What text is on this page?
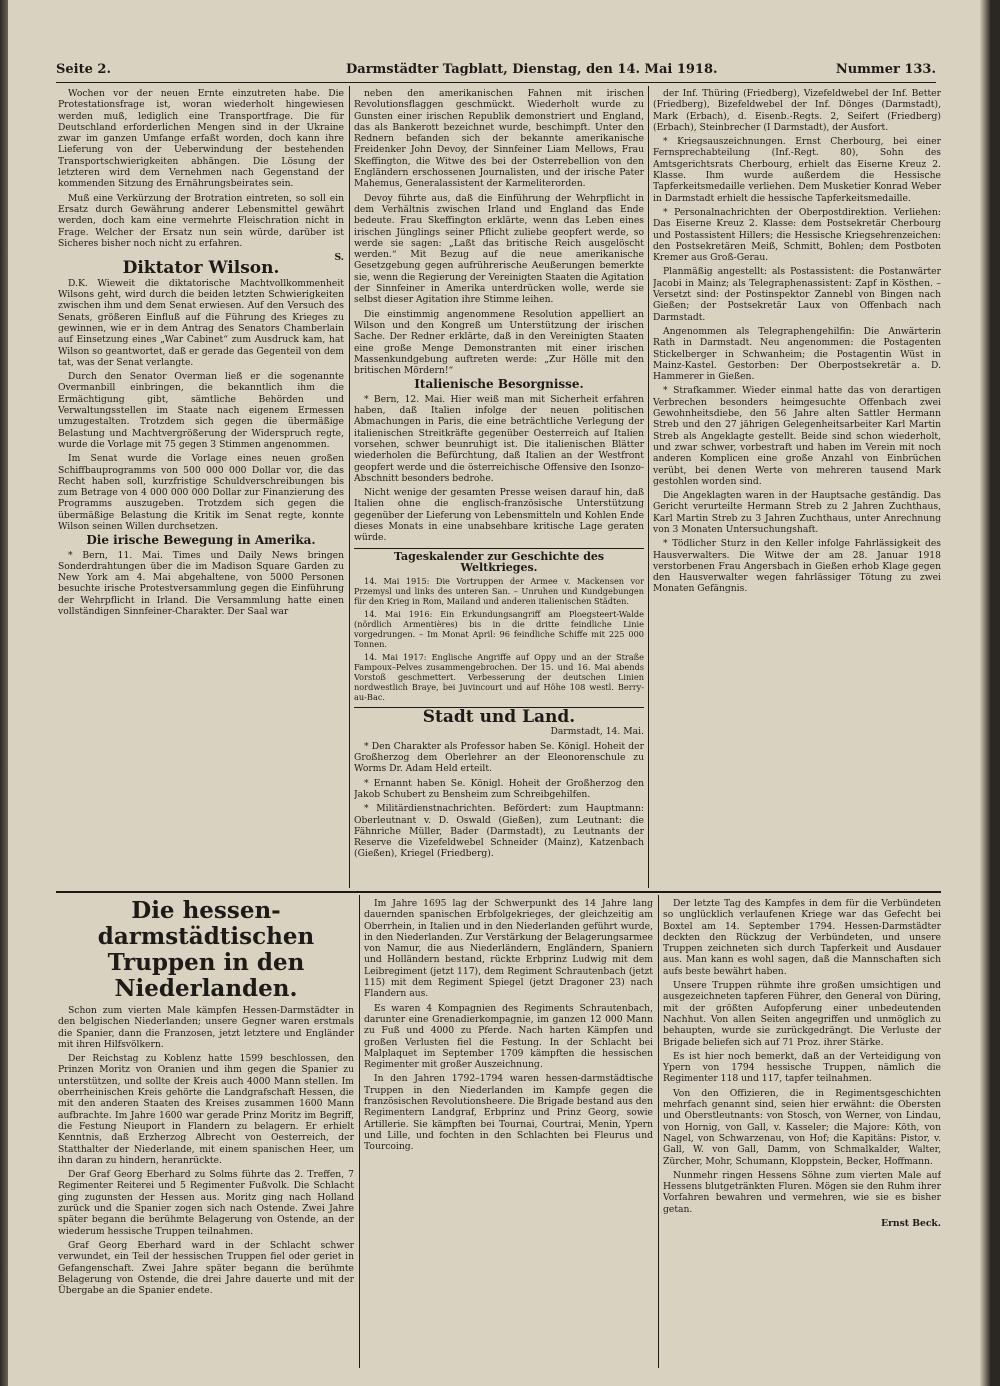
Seite 2.	Darmstädter Tagblatt, Dienstag, den 14. Mai 1918.	Nummer 133.

Wochen vor der neuen Ernte einzutreten habe. Die Protestationsfrage ist, woran wiederholt hingewiesen werden muß, lediglich eine Transportfrage. Die für Deutschland erforderlichen Mengen sind in der Ukraine zwar im ganzen Umfange erfaßt worden, doch kann ihre Lieferung von der Ueberwindung der bestehenden Transportschwierigkeiten abhängen. Die Lösung der letzteren wird dem Vernehmen nach Gegenstand der kommenden Sitzung des Ernährungsbeirates sein.

Muß eine Verkürzung der Brotration eintreten, so soll ein Ersatz durch Gewährung anderer Lebensmittel gewährt werden, doch kam eine vermehrte Fleischration nicht in Frage. Welcher der Ersatz nun sein würde, darüber ist Sicheres bisher noch nicht zu erfahren.

S.

Diktator Wilson.

D.K. Wieweit die diktatorische Machtvollkommenheit Wilsons geht, wird durch die beiden letzten Schwierigkeiten zwischen ihm und dem Senat erwiesen. Auf den Versuch des Senats, größeren Einfluß auf die Führung des Krieges zu gewinnen, wie er in dem Antrag des Senators Chamberlain auf Einsetzung eines „War Cabinet“ zum Ausdruck kam, hat Wilson so geantwortet, daß er gerade das Gegenteil von dem tat, was der Senat verlangte.

Durch den Senator Overman ließ er die sogenannte Overmanbill einbringen, die bekanntlich ihm die Ermächtigung gibt, sämtliche Behörden und Verwaltungsstellen im Staate nach eigenem Ermessen umzugestalten. Trotzdem sich gegen die übermäßige Belastung und Machtvergrößerung der Widerspruch regte, wurde die Vorlage mit 75 gegen 3 Stimmen angenommen.

Im Senat wurde die Vorlage eines neuen großen Schiffbauprogramms von 500 000 000 Dollar vor, die das Recht haben soll, kurzfristige Schuldverschreibungen bis zum Betrage von 4 000 000 000 Dollar zur Finanzierung des Programms auszugeben. Trotzdem sich gegen die übermäßige Belastung die Kritik im Senat regte, konnte Wilson seinen Willen durchsetzen.

Die irische Bewegung in Amerika.

* Bern, 11. Mai. Times und Daily News bringen Sonderdrahtungen über die im Madison Square Garden zu New York am 4. Mai abgehaltene, von 5000 Personen besuchte irische Protestversammlung gegen die Einführung der Wehrpflicht in Irland. Die Versammlung hatte einen vollständigen Sinnfeiner-Charakter. Der Saal war

neben den amerikanischen Fahnen mit irischen Revolutionsflaggen geschmückt. Wiederholt wurde zu Gunsten einer irischen Republik demonstriert und England, das als Bankerott bezeichnet wurde, beschimpft. Unter den Rednern befanden sich der bekannte amerikanische Freidenker John Devoy, der Sinnfeiner Liam Mellows, Frau Skeffington, die Witwe des bei der Osterrebellion von den Engländern erschossenen Journalisten, und der irische Pater Mahemus, Generalassistent der Karmeliterorden.

Devoy führte aus, daß die Einführung der Wehrpflicht in dem Verhältnis zwischen Irland und England das Ende bedeute. Frau Skeffington erklärte, wenn das Leben eines irischen Jünglings seiner Pflicht zuliebe geopfert werde, so werde sie sagen: „Laßt das britische Reich ausgelöscht werden.“ Mit Bezug auf die neue amerikanische Gesetzgebung gegen aufrührerische Aeußerungen bemerkte sie, wenn die Regierung der Vereinigten Staaten die Agitation der Sinnfeiner in Amerika unterdrücken wolle, werde sie selbst dieser Agitation ihre Stimme leihen.

Die einstimmig angenommene Resolution appelliert an Wilson und den Kongreß um Unterstützung der irischen Sache. Der Redner erklärte, daß in den Vereinigten Staaten eine große Menge Demonstranten mit einer irischen Massenkundgebung auftreten werde: „Zur Hölle mit den britischen Mördern!“

Italienische Besorgnisse.

* Bern, 12. Mai. Hier weiß man mit Sicherheit erfahren haben, daß Italien infolge der neuen politischen Abmachungen in Paris, die eine beträchtliche Verlegung der italienischen Streitkräfte gegenüber Oesterreich auf Italien vorsehen, schwer beunruhigt ist. Die italienischen Blätter wiederholen die Befürchtung, daß Italien an der Westfront geopfert werde und die österreichische Offensive den Isonzo-Abschnitt besonders bedrohe.

Nicht wenige der gesamten Presse weisen darauf hin, daß Italien ohne die englisch-französische Unterstützung gegenüber der Lieferung von Lebensmitteln und Kohlen Ende dieses Monats in eine unabsehbare kritische Lage geraten würde.

Tageskalender zur Geschichte des Weltkrieges.

14. Mai 1915: Die Vortruppen der Armee v. Mackensen vor Przemysl und links des unteren San. – Unruhen und Kundgebungen für den Krieg in Rom, Mailand und anderen italienischen Städten.

14. Mai 1916: Ein Erkundungsangriff am Ploegsteert-Walde (nördlich Armentières) bis in die dritte feindliche Linie vorgedrungen. – Im Monat April: 96 feindliche Schiffe mit 225 000 Tonnen.

14. Mai 1917: Englische Angriffe auf Oppy und an der Straße Fampoux–Pelves zusammengebrochen. Der 15. und 16. Mai abends Vorstoß geschmettert. Verbesserung der deutschen Linien nordwestlich Braye, bei Juvincourt und auf Höhe 108 westl. Berry-au-Bac.

Stadt und Land.

Darmstadt, 14. Mai.

* Den Charakter als Professor haben Se. Königl. Hoheit der Großherzog dem Oberlehrer an der Eleonorenschule zu Worms Dr. Adam Held erteilt.

* Ernannt haben Se. Königl. Hoheit der Großherzog den Jakob Schubert zu Bensheim zum Schreibgehilfen.

* Militärdienstnachrichten. Befördert: zum Hauptmann: Oberleutnant v. D. Oswald (Gießen), zum Leutnant: die Fähnriche Müller, Bader (Darmstadt), zu Leutnants der Reserve die Vizefeldwebel Schneider (Mainz), Katzenbach (Gießen), Kriegel (Friedberg).

der Inf. Thüring (Friedberg), Vizefeldwebel der Inf. Better (Friedberg), Bizefeldwebel der Inf. Dönges (Darmstadt), Mark (Erbach), d. Eisenb.-Regts. 2, Seifert (Friedberg) (Erbach), Steinbrecher (I Darmstadt), der Ausfort.

* Kriegsauszeichnungen. Ernst Cherbourg, bei einer Fernsprechabteilung (Inf.-Regt. 80), Sohn des Amtsgerichtsrats Cherbourg, erhielt das Eiserne Kreuz 2. Klasse. Ihm wurde außerdem die Hessische Tapferkeitsmedaille verliehen. Dem Musketier Konrad Weber in Darmstadt erhielt die hessische Tapferkeitsmedaille.

* Personalnachrichten der Oberpostdirektion. Verliehen: Das Eiserne Kreuz 2. Klasse: dem Postsekretär Cherbourg und Postassistent Hillers; die Hessische Kriegsehrenzeichen: den Postsekretären Meiß, Schmitt, Bohlen; dem Postboten Kremer aus Groß-Gerau.

Planmäßig angestellt: als Postassistent: die Postanwärter Jacobi in Mainz; als Telegraphenassistent: Zapf in Kösthen. – Versetzt sind: der Postinspektor Zannebl von Bingen nach Gießen; der Postsekretär Laux von Offenbach nach Darmstadt.

Angenommen als Telegraphengehilfin: Die Anwärterin Rath in Darmstadt. Neu angenommen: die Postagenten Stickelberger in Schwanheim; die Postagentin Wüst in Mainz-Kastel. Gestorben: Der Oberpostsekretär a. D. Hammerer in Gießen.

* Strafkammer. Wieder einmal hatte das von derartigen Verbrechen besonders heimgesuchte Offenbach zwei Gewohnheitsdiebe, den 56 Jahre alten Sattler Hermann Streb und den 27 jährigen Gelegenheitsarbeiter Karl Martin Streb als Angeklagte gestellt. Beide sind schon wiederholt, und zwar schwer, vorbestraft und haben im Verein mit noch anderen Komplicen eine große Anzahl von Einbrüchen verübt, bei denen Werte von mehreren tausend Mark gestohlen worden sind.

Die Angeklagten waren in der Hauptsache geständig. Das Gericht verurteilte Hermann Streb zu 2 Jahren Zuchthaus, Karl Martin Streb zu 3 Jahren Zuchthaus, unter Anrechnung von 3 Monaten Untersuchungshaft.

* Tödlicher Sturz in den Keller infolge Fahrlässigkeit des Hausverwalters. Die Witwe der am 28. Januar 1918 verstorbenen Frau Angersbach in Gießen erhob Klage gegen den Hausverwalter wegen fahrlässiger Tötung zu zwei Monaten Gefängnis.

Die hessen-darmstädtischen Truppen in den Niederlanden.

Schon zum vierten Male kämpfen Hessen-Darmstädter in den belgischen Niederlanden; unsere Gegner waren erstmals die Spanier, dann die Franzosen, jetzt letztere und Engländer mit ihren Hilfsvölkern.

Der Reichstag zu Koblenz hatte 1599 beschlossen, den Prinzen Moritz von Oranien und ihm gegen die Spanier zu unterstützen, und sollte der Kreis auch 4000 Mann stellen. Im oberrheinischen Kreis gehörte die Landgrafschaft Hessen, die mit den anderen Staaten des Kreises zusammen 1600 Mann aufbrachte. Im Jahre 1600 war gerade Prinz Moritz im Begriff, die Festung Nieuport in Flandern zu belagern. Er erhielt Kenntnis, daß Erzherzog Albrecht von Oesterreich, der Statthalter der Niederlande, mit einem spanischen Heer, um ihn daran zu hindern, heranrückte.

Der Graf Georg Eberhard zu Solms führte das 2. Treffen, 7 Regimenter Reiterei und 5 Regimenter Fußvolk. Die Schlacht ging zugunsten der Hessen aus. Moritz ging nach Holland zurück und die Spanier zogen sich nach Ostende. Zwei Jahre später begann die berühmte Belagerung von Ostende, an der wiederum hessische Truppen teilnahmen.

Graf Georg Eberhard ward in der Schlacht schwer verwundet, ein Teil der hessischen Truppen fiel oder geriet in Gefangenschaft. Zwei Jahre später begann die berühmte Belagerung von Ostende, die drei Jahre dauerte und mit der Übergabe an die Spanier endete.

Im Jahre 1695 lag der Schwerpunkt des 14 Jahre lang dauernden spanischen Erbfolgekrieges, der gleichzeitig am Oberrhein, in Italien und in den Niederlanden geführt wurde, in den Niederlanden. Zur Verstärkung der Belagerungsarmee von Namur, die aus Niederländern, Engländern, Spaniern und Holländern bestand, rückte Erbprinz Ludwig mit dem Leibregiment (jetzt 117), dem Regiment Schrautenbach (jetzt 115) mit dem Regiment Spiegel (jetzt Dragoner 23) nach Flandern aus.

Es waren 4 Kompagnien des Regiments Schrautenbach, darunter eine Grenadierkompagnie, im ganzen 12 000 Mann zu Fuß und 4000 zu Pferde. Nach harten Kämpfen und großen Verlusten fiel die Festung. In der Schlacht bei Malplaquet im September 1709 kämpften die hessischen Regimenter mit großer Auszeichnung.

In den Jahren 1792–1794 waren hessen-darmstädtische Truppen in den Niederlanden im Kampfe gegen die französischen Revolutionsheere. Die Brigade bestand aus den Regimentern Landgraf, Erbprinz und Prinz Georg, sowie Artillerie. Sie kämpften bei Tournai, Courtrai, Menin, Ypern und Lille, und fochten in den Schlachten bei Fleurus und Tourcoing.

Der letzte Tag des Kampfes in dem für die Verbündeten so unglücklich verlaufenen Kriege war das Gefecht bei Boxtel am 14. September 1794. Hessen-Darmstädter deckten den Rückzug der Verbündeten, und unsere Truppen zeichneten sich durch Tapferkeit und Ausdauer aus. Man kann es wohl sagen, daß die Mannschaften sich aufs beste bewährt haben.

Unsere Truppen rühmte ihre großen umsichtigen und ausgezeichneten tapferen Führer, den General von Düring, mit der größten Aufopferung einer unbedeutenden Nachhut. Von allen Seiten angegriffen und unmöglich zu behaupten, wurde sie zurückgedrängt. Die Verluste der Brigade beliefen sich auf 71 Proz. ihrer Stärke.

Es ist hier noch bemerkt, daß an der Verteidigung von Ypern von 1794 hessische Truppen, nämlich die Regimenter 118 und 117, tapfer teilnahmen.

Von den Offizieren, die in Regimentsgeschichten mehrfach genannt sind, seien hier erwähnt: die Obersten und Oberstleutnants: von Stosch, von Werner, von Lindau, von Hornig, von Gall, v. Kasseler; die Majore: Köth, von Nagel, von Schwarzenau, von Hof; die Kapitäns: Pistor, v. Gall, W. von Gall, Damm, von Schmalkalder, Walter, Zürcher, Mohr, Schumann, Kloppstein, Becker, Hoffmann.

Nunmehr ringen Hessens Söhne zum vierten Male auf Hessens blutgetränkten Fluren. Mögen sie den Ruhm ihrer Vorfahren bewahren und vermehren, wie sie es bisher getan.

Ernst Beck.
